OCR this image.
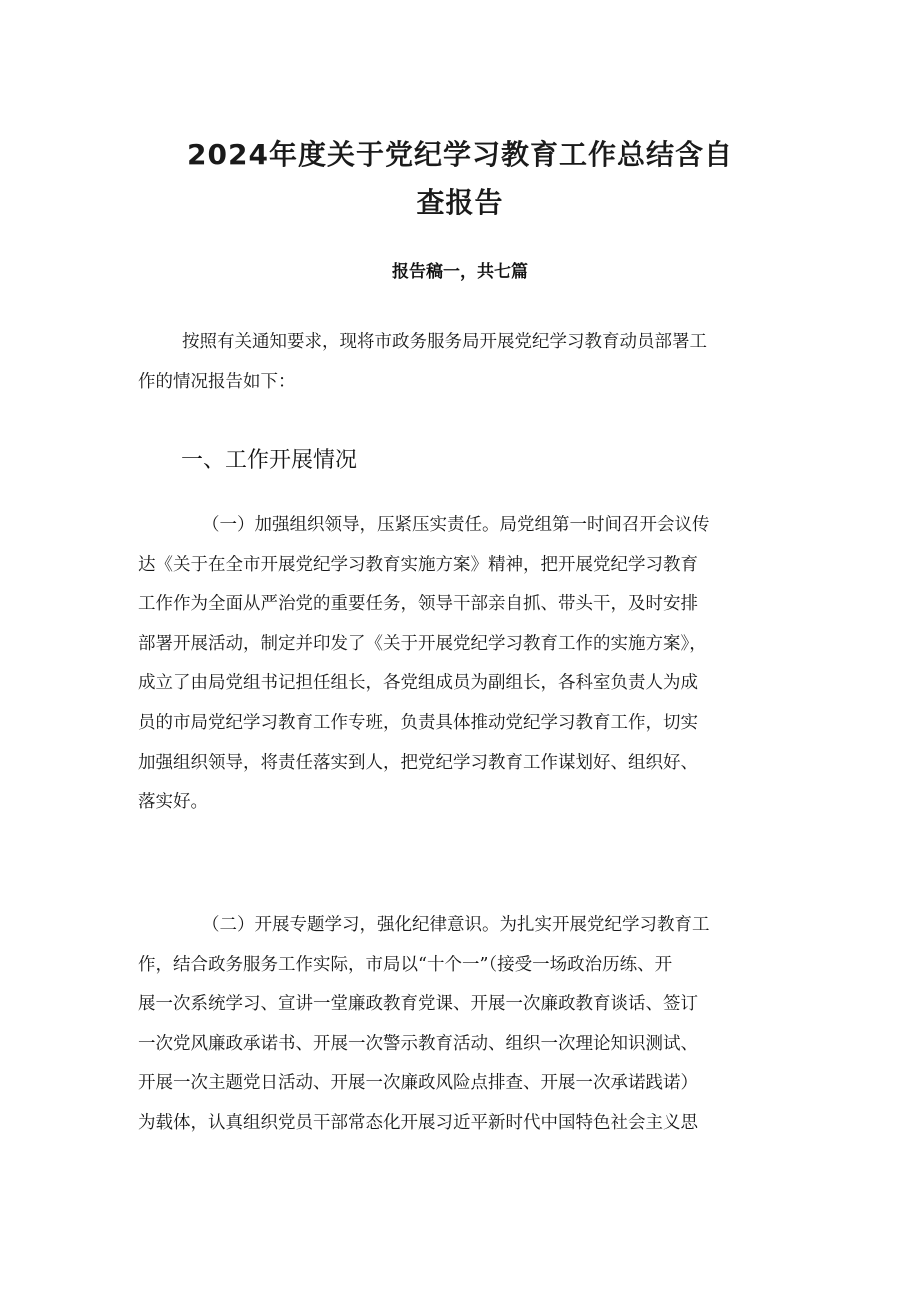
2024年度关于党纪学习教育工作总结含自
查报告
报告稿一，共七篇

按照有关通知要求，现将市政务服务局开展党纪学习教育动员部署工
作的情况报告如下：

一、工作开展情况

（一）加强组织领导，压紧压实责任。局党组第一时间召开会议传
达《关于在全市开展党纪学习教育实施方案》精神，把开展党纪学习教育
工作作为全面从严治党的重要任务，领导干部亲自抓、带头干，及时安排
部署开展活动，制定并印发了《关于开展党纪学习教育工作的实施方案》，
成立了由局党组书记担任组长，各党组成员为副组长，各科室负责人为成
员的市局党纪学习教育工作专班，负责具体推动党纪学习教育工作，切实
加强组织领导，将责任落实到人，把党纪学习教育工作谋划好、组织好、
落实好。

（二）开展专题学习，强化纪律意识。为扎实开展党纪学习教育工
作，结合政务服务工作实际，市局以“十个一”（接受一场政治历练、开
展一次系统学习、宣讲一堂廉政教育党课、开展一次廉政教育谈话、签订
一次党风廉政承诺书、开展一次警示教育活动、组织一次理论知识测试、
开展一次主题党日活动、开展一次廉政风险点排查、开展一次承诺践诺）
为载体，认真组织党员干部常态化开展习近平新时代中国特色社会主义思
